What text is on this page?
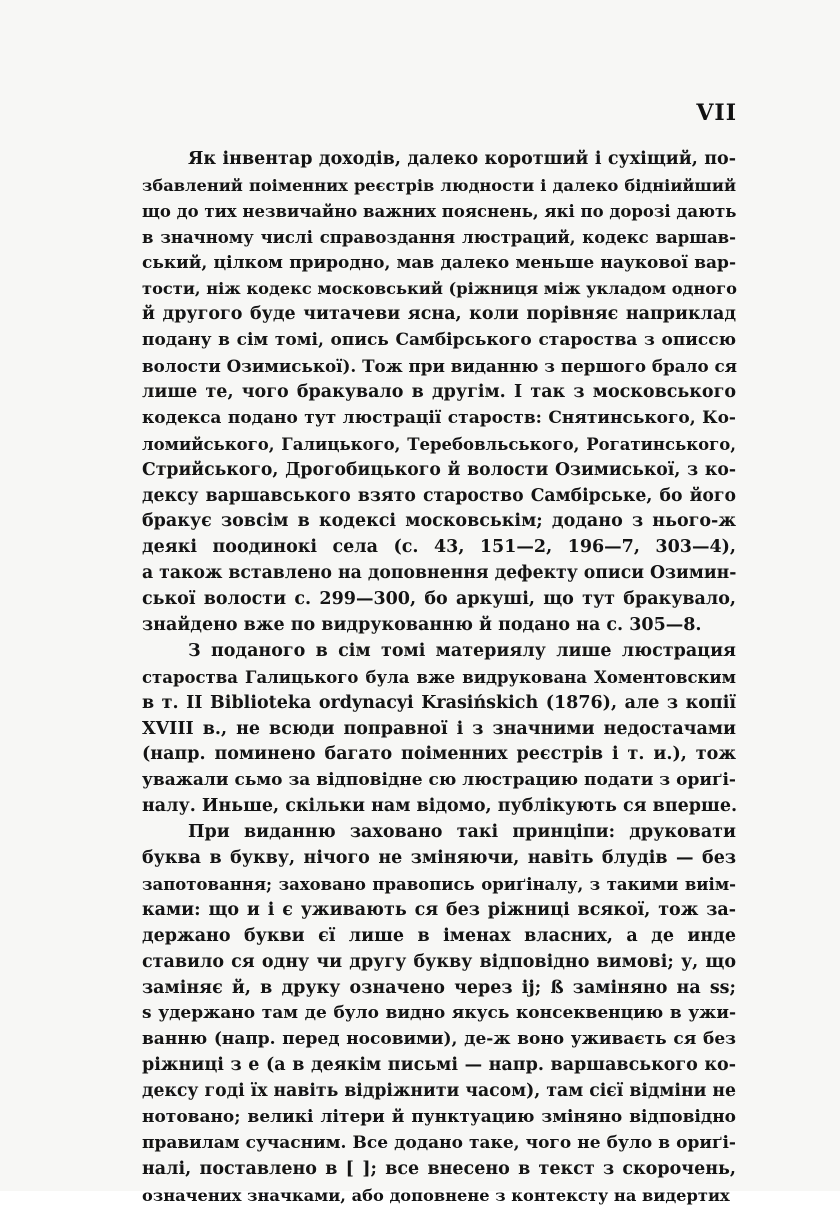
VII
Як інвентар доходів, далеко коротший і сухіщий, по-
збавлений поіменних реєстрів людности і далеко бідніийший
що до тих незвичайно важних пояснень, які по дорозі дають
в значному числі справоздання люстраций, кодекс варшав-
ський, цілком природно, мав далеко меньше наукової вар-
тости, ніж кодекс московський (ріжниця між укладом одного
й другого буде читачеви ясна, коли порівняє наприклад
подану в сім томі, опись Самбірського староства з описсю
волости Озимиської). Тож при виданню з першого брало ся
лише те, чого бракувало в другім. І так з московського
кодекса подано тут люстрації староств: Снятинського, Ко-
ломийського, Галицького, Теребовльського, Рогатинського,
Стрийського, Дрогобицького й волости Озимиської, з ко-
дексу варшавського взято староство Самбірське, бо його
бракує зовсім в кодексі московськім; додано з нього-ж
деякі поодинокі села (с. 43, 151—2, 196—7, 303—4),
а також вставлено на доповнення дефекту описи Озимин-
ської волости с. 299—300, бо аркуші, що тут бракувало,
знайдено вже по видрукованню й подано на с. 305—8.
З поданого в сім томі материялу лише люстрация
староства Галицького була вже видрукована Хоментовским
в т. II Biblioteka ordynacyi Krasińskich (1876), але з копії
XVIII в., не всюди поправної і з значними недостачами
(напр. поминено багато поіменних реєстрів і т. и.), тож
уважали сьмо за відповідне сю люстрацию подати з ориґі-
налу. Иньше, скільки нам відомо, публікують ся вперше.
При виданню заховано такі принціпи: друковати
буква в букву, нічого не зміняючи, навіть блудів — без
запотовання; заховано правопись ориґіналу, з такими виім-
ками: що и і є уживають ся без ріжниці всякої, тож за-
держано букви єї лише в іменах власних, а де инде
ставило ся одну чи другу букву відповідно вимові; у, що
заміняє й, в друку означено через ij; ß заміняно на ss;
ѕ удержано там де було видно якусь консеквенцию в ужи-
ванню (напр. перед носовими), де-ж воно уживаєть ся без
ріжниці з е (а в деякім письмі — напр. варшавського ко-
дексу годі їх навіть відріжнити часом), там сієї відміни не
нотовано; великі літери й пунктуацию зміняно відповідно
правилам сучасним. Все додано таке, чого не було в ориґі-
налі, поставлено в [ ]; все внесено в текст з скорочень,
означених значками, або доповнене з контексту на видертих
